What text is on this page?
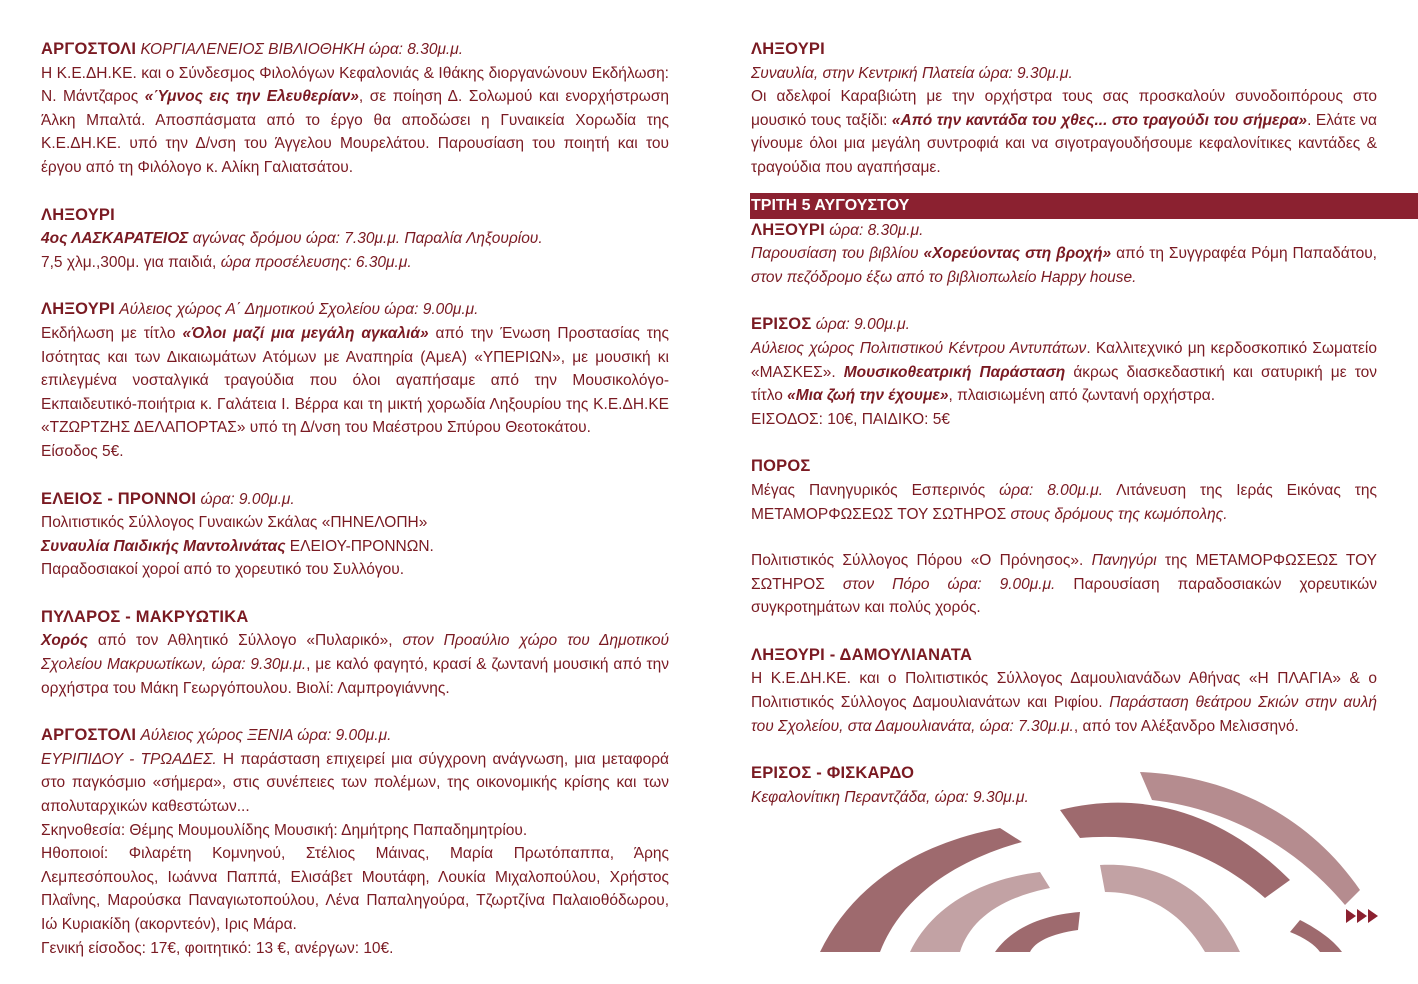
ΑΡΓΟΣΤΟΛΙ ΚΟΡΓΙΑΛΕΝΕΙΟΣ ΒΙΒΛΙΟΘΗΚΗ ώρα: 8.30μ.μ.

Η Κ.Ε.ΔΗ.ΚΕ. και ο Σύνδεσμος Φιλολόγων Κεφαλονιάς & Ιθάκης διοργανώνουν Εκδήλωση: Ν. Μάντζαρος «Ύμνος εις την Ελευθερίαν», σε ποίηση Δ. Σολωμού και ενορχήστρωση Άλκη Μπαλτά. Αποσπάσματα από το έργο θα αποδώσει η Γυναικεία Χορωδία της Κ.Ε.ΔΗ.ΚΕ. υπό την Δ/νση του Άγγελου Μουρελάτου. Παρουσίαση του ποιητή και του έργου από τη Φιλόλογο κ. Αλίκη Γαλιατσάτου.

ΛΗΞΟΥΡΙ

4ος ΛΑΣΚΑΡΑΤΕΙΟΣ αγώνας δρόμου ώρα: 7.30μ.μ. Παραλία Ληξουρίου.

7,5 χλμ.,300μ. για παιδιά, ώρα προσέλευσης: 6.30μ.μ.

ΛΗΞΟΥΡΙ Αύλειος χώρος Α΄ Δημοτικού Σχολείου ώρα: 9.00μ.μ.

Εκδήλωση με τίτλο «Όλοι μαζί μια μεγάλη αγκαλιά» από την Ένωση Προστασίας της Ισότητας και των Δικαιωμάτων Ατόμων με Αναπηρία (ΑμεΑ) «ΥΠΕΡΙΩΝ», με μουσική κι επιλεγμένα νοσταλγικά τραγούδια που όλοι αγαπήσαμε από την Μουσικολόγο-Εκπαιδευτικό-ποιήτρια κ. Γαλάτεια Ι. Βέρρα και τη μικτή χορωδία Ληξουρίου της Κ.Ε.ΔΗ.ΚΕ «ΤΖΩΡΤΖΗΣ ΔΕΛΑΠΟΡΤΑΣ» υπό τη Δ/νση του Μαέστρου Σπύρου Θεοτοκάτου.

Είσοδος 5€.

ΕΛΕΙΟΣ - ΠΡΟΝΝΟΙ ώρα: 9.00μ.μ.

Πολιτιστικός Σύλλογος Γυναικών Σκάλας «ΠΗΝΕΛΟΠΗ»

Συναυλία Παιδικής Μαντολινάτας ΕΛΕΙΟΥ-ΠΡΟΝΝΩΝ.

Παραδοσιακοί χοροί από το χορευτικό του Συλλόγου.

ΠΥΛΑΡΟΣ - ΜΑΚΡΥΩΤΙΚΑ

Χορός από τον Αθλητικό Σύλλογο «Πυλαρικό», στον Προαύλιο χώρο του Δημοτικού Σχολείου Μακρυωτίκων, ώρα: 9.30μ.μ., με καλό φαγητό, κρασί & ζωντανή μουσική από την ορχήστρα του Μάκη Γεωργόπουλου. Βιολί: Λαμπρογιάννης.

ΑΡΓΟΣΤΟΛΙ Αύλειος χώρος ΞΕΝΙΑ ώρα: 9.00μ.μ.

ΕΥΡΙΠΙΔΟΥ - ΤΡΩΑΔΕΣ. Η παράσταση επιχειρεί μια σύγχρονη ανάγνωση, μια μεταφορά στο παγκόσμιο «σήμερα», στις συνέπειες των πολέμων, της οικονομικής κρίσης και των απολυταρχικών καθεστώτων...

Σκηνοθεσία: Θέμης Μουμουλίδης Μουσική: Δημήτρης Παπαδημητρίου.

Ηθοποιοί: Φιλαρέτη Κομνηνού, Στέλιος Μάινας, Μαρία Πρωτόπαππα, Άρης Λεμπεσόπουλος, Ιωάννα Παππά, Ελισάβετ Μουτάφη, Λουκία Μιχαλοπούλου, Χρήστος Πλαΐνης, Μαρούσκα Παναγιωτοπούλου, Λένα Παπαληγούρα, Τζωρτζίνα Παλαιοθόδωρου, Ιώ Κυριακίδη (ακορντεόν), Ιρις Μάρα.

Γενική είσοδος: 17€, φοιτητικό: 13 €, ανέργων: 10€.

ΛΗΞΟΥΡΙ

Συναυλία, στην Κεντρική Πλατεία ώρα: 9.30μ.μ.

Οι αδελφοί Καραβιώτη με την ορχήστρα τους σας προσκαλούν συνοδοιπόρους στο μουσικό τους ταξίδι: «Από την καντάδα του χθες... στο τραγούδι του σήμερα». Ελάτε να γίνουμε όλοι μια μεγάλη συντροφιά και να σιγοτραγουδήσουμε κεφαλονίτικες καντάδες & τραγούδια που αγαπήσαμε.

ΤΡΙΤΗ 5 ΑΥΓΟΥΣΤΟΥ

ΛΗΞΟΥΡΙ ώρα: 8.30μ.μ.

Παρουσίαση του βιβλίου «Χορεύοντας στη βροχή» από τη Συγγραφέα Ρόμη Παπαδάτου, στον πεζόδρομο έξω από το βιβλιοπωλείο Happy house.

ΕΡΙΣΟΣ ώρα: 9.00μ.μ.

Αύλειος χώρος Πολιτιστικού Κέντρου Αντυπάτων. Καλλιτεχνικό μη κερδοσκοπικό Σωματείο «ΜΑΣΚΕΣ». Μουσικοθεατρική Παράσταση άκρως διασκεδαστική και σατυρική με τον τίτλο «Μια ζωή την έχουμε», πλαισιωμένη από ζωντανή ορχήστρα.

ΕΙΣΟΔΟΣ: 10€, ΠΑΙΔΙΚΟ: 5€

ΠΟΡΟΣ

Μέγας Πανηγυρικός Εσπερινός ώρα: 8.00μ.μ. Λιτάνευση της Ιεράς Εικόνας της ΜΕΤΑΜΟΡΦΩΣΕΩΣ ΤΟΥ ΣΩΤΗΡΟΣ στους δρόμους της κωμόπολης.

Πολιτιστικός Σύλλογος Πόρου «Ο Πρόνησος». Πανηγύρι της ΜΕΤΑΜΟΡΦΩΣΕΩΣ ΤΟΥ ΣΩΤΗΡΟΣ στον Πόρο ώρα: 9.00μ.μ. Παρουσίαση παραδοσιακών χορευτικών συγκροτημάτων και πολύς χορός.

ΛΗΞΟΥΡΙ - ΔΑΜΟΥΛΙΑΝΑΤΑ

Η Κ.Ε.ΔΗ.ΚΕ. και ο Πολιτιστικός Σύλλογος Δαμουλιανάδων Αθήνας «Η ΠΛΑΓΙΑ» & ο Πολιτιστικός Σύλλογος Δαμουλιανάτων και Ριφίου. Παράσταση θεάτρου Σκιών στην αυλή του Σχολείου, στα Δαμουλιανάτα, ώρα: 7.30μ.μ., από τον Αλέξανδρο Μελισσηνό.

ΕΡΙΣΟΣ - ΦΙΣΚΑΡΔΟ

Κεφαλονίτικη Περαντζάδα, ώρα: 9.30μ.μ.
